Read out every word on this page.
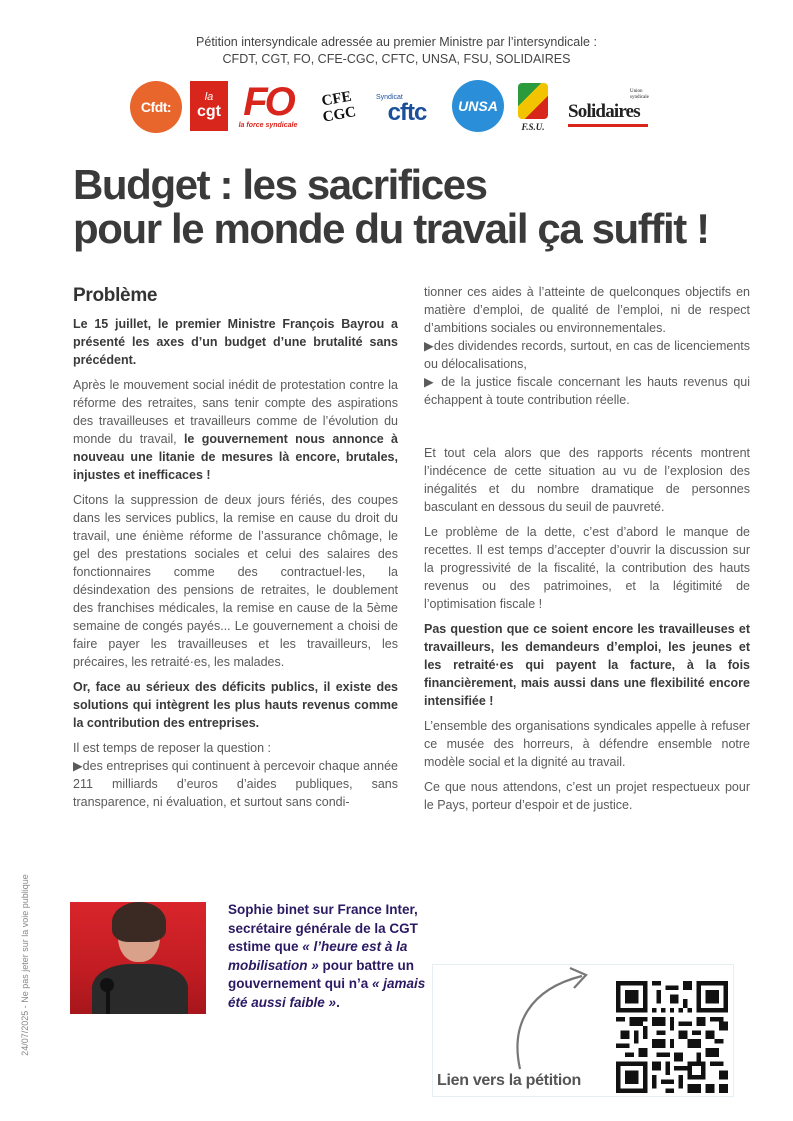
Pétition intersyndicale adressée au premier Ministre par l’intersyndicale :
CFDT, CGT, FO, CFE-CGC, CFTC, UNSA, FSU, SOLIDAIRES
Cfdt:
la
cgt FO
la force syndicale
CFE
CGC
Syndicat
cftc UNSA
F.S.U.
Union syndicale
Solidaires
Budget : les sacrifices
pour le monde du travail ça suffit !
Problème

Le 15 juillet, le premier Ministre François Bayrou a présenté les axes d’un budget d’une brutalité sans précédent.

Après le mouvement social inédit de protestation contre la réforme des retraites, sans tenir compte des aspirations des travailleuses et travailleurs comme de l’évolution du monde du travail, le gouvernement nous annonce à nouveau une litanie de mesures là encore, brutales, injustes et inefficaces !

Citons la suppression de deux jours fériés, des coupes dans les services publics, la remise en cause du droit du travail, une énième réforme de l’assurance chômage, le gel des prestations sociales et celui des salaires des fonctionnaires comme des contractuel·les, la désindexation des pensions de retraites, le doublement des franchises médicales, la remise en cause de la 5ème semaine de congés payés... Le gouvernement a choisi de faire payer les travailleuses et les travailleurs, les précaires, les retraité·es, les malades.

Or, face au sérieux des déficits publics, il existe des solutions qui intègrent les plus hauts revenus comme la contribution des entreprises.

Il est temps de reposer la question :
▶des entreprises qui continuent à percevoir chaque année 211 milliards d’euros d’aides publiques, sans transparence, ni évaluation, et surtout sans condi-

tionner ces aides à l’atteinte de quelconques objectifs en matière d’emploi, de qualité de l’emploi, ni de respect d’ambitions sociales ou environnementales.
▶des dividendes records, surtout, en cas de licenciements ou délocalisations,
▶ de la justice fiscale concernant les hauts revenus qui échappent à toute contribution réelle.

Et tout cela alors que des rapports récents montrent l’indécence de cette situation au vu de l’explosion des inégalités et du nombre dramatique de personnes basculant en dessous du seuil de pauvreté.

Le problème de la dette, c’est d’abord le manque de recettes. Il est temps d’accepter d’ouvrir la discussion sur la progressivité de la fiscalité, la contribution des hauts revenus ou des patrimoines, et la légitimité de l’optimisation fiscale !

Pas question que ce soient encore les travailleuses et travailleurs, les demandeurs d’emploi, les jeunes et les retraité·es qui payent la facture, à la fois financièrement, mais aussi dans une flexibilité encore intensifiée !

L’ensemble des organisations syndicales appelle à refuser ce musée des horreurs, à défendre ensemble notre modèle social et la dignité au travail.

Ce que nous attendons, c’est un projet respectueux pour le Pays, porteur d’espoir et de justice.

24/07/2025 - Ne pas jeter sur la voie publique	Sophie binet sur France Inter, secrétaire générale de la CGT estime que « l’heure est à la mobilisation » pour battre un gouvernement qui n’a « jamais été aussi faible ».
Lien vers la pétition
